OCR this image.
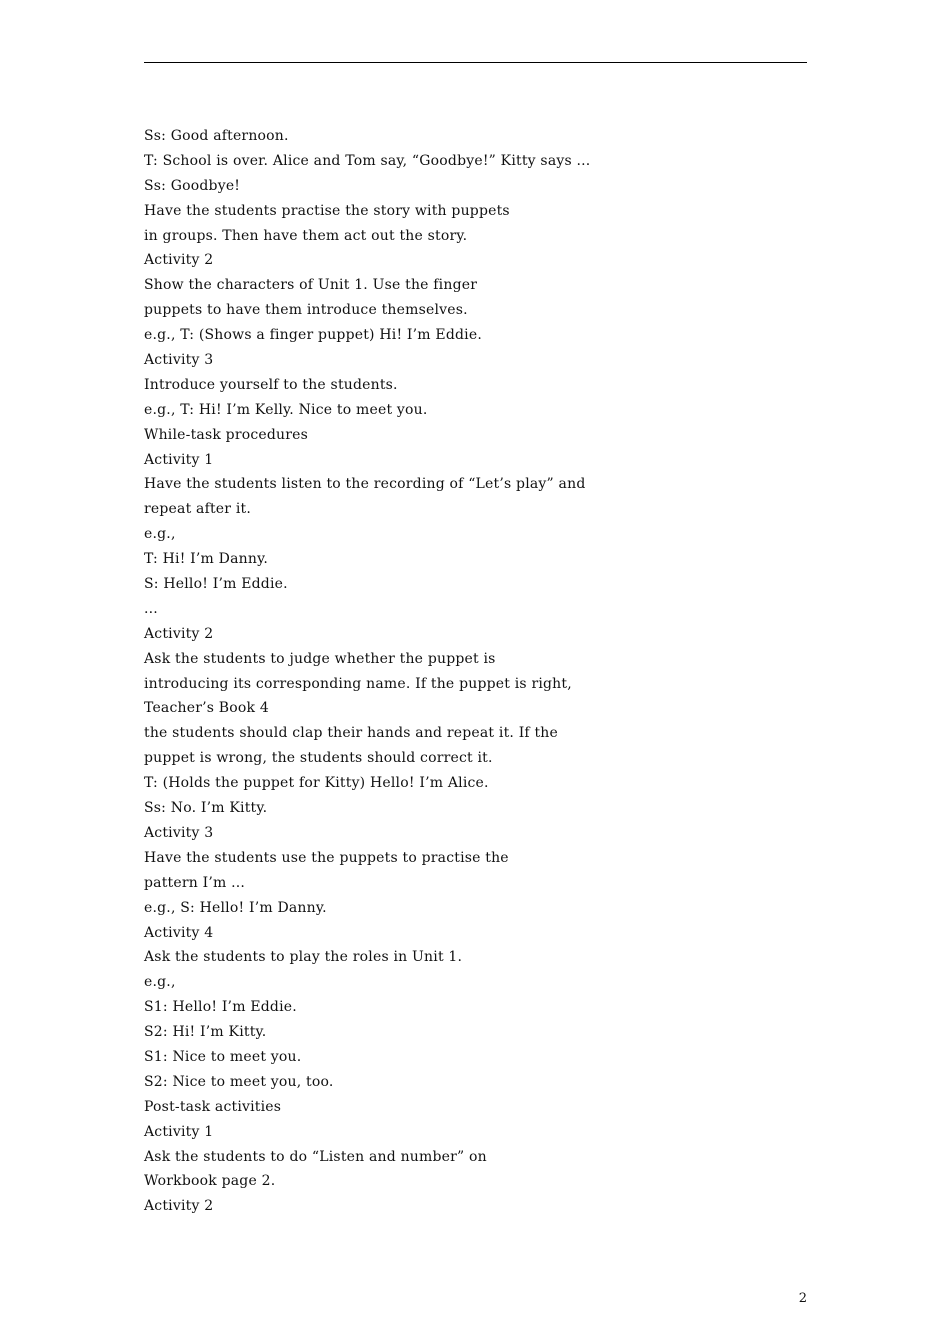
Ss: Good afternoon.
T: School is over. Alice and Tom say, “Goodbye!” Kitty says ...
Ss: Goodbye!
Have the students practise the story with puppets
in groups. Then have them act out the story.
Activity 2
Show the characters of Unit 1. Use the finger
puppets to have them introduce themselves.
e.g., T: (Shows a finger puppet) Hi! I’m Eddie.
Activity 3
Introduce yourself to the students.
e.g., T: Hi! I’m Kelly. Nice to meet you.
While-task procedures
Activity 1
Have the students listen to the recording of “Let’s play” and
repeat after it.
e.g.,
T: Hi! I’m Danny.
S: Hello! I’m Eddie.
...
Activity 2
Ask the students to judge whether the puppet is
introducing its corresponding name. If the puppet is right,
Teacher’s Book 4
the students should clap their hands and repeat it. If the
puppet is wrong, the students should correct it.
T: (Holds the puppet for Kitty) Hello! I’m Alice.
Ss: No. I’m Kitty.
Activity 3
Have the students use the puppets to practise the
pattern I’m ...
e.g., S: Hello! I’m Danny.
Activity 4
Ask the students to play the roles in Unit 1.
e.g.,
S1: Hello! I’m Eddie.
S2: Hi! I’m Kitty.
S1: Nice to meet you.
S2: Nice to meet you, too.
Post-task activities
Activity 1
Ask the students to do “Listen and number” on
Workbook page 2.
Activity 2
2
